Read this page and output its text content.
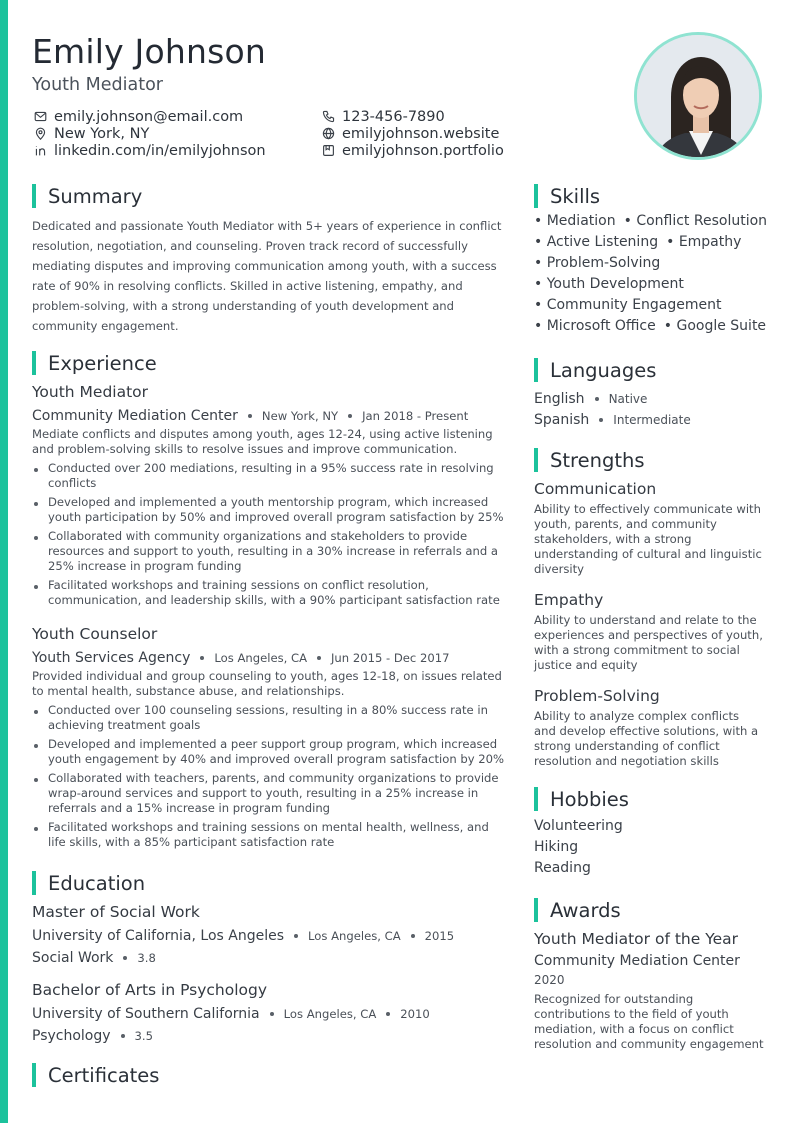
Emily Johnson
Youth Mediator
emily.johnson@email.com
New York, NY
linkedin.com/in/emilyjohnson
123-456-7890
emilyjohnson.website
emilyjohnson.portfolio
Summary

Dedicated and passionate Youth Mediator with 5+ years of experience in conflict resolution, negotiation, and counseling. Proven track record of successfully mediating disputes and improving communication among youth, with a success rate of 90% in resolving conflicts. Skilled in active listening, empathy, and problem-solving, with a strong understanding of youth development and community engagement.

Experience
Youth Mediator
Community Mediation Center New York, NY Jan 2018 - Present

Mediate conflicts and disputes among youth, ages 12-24, using active listening and problem-solving skills to resolve issues and improve communication.

Conducted over 200 mediations, resulting in a 95% success rate in resolving conflicts
Developed and implemented a youth mentorship program, which increased youth participation by 50% and improved overall program satisfaction by 25%
Collaborated with community organizations and stakeholders to provide resources and support to youth, resulting in a 30% increase in referrals and a 25% increase in program funding
Facilitated workshops and training sessions on conflict resolution, communication, and leadership skills, with a 90% participant satisfaction rate
Youth Counselor
Youth Services Agency Los Angeles, CA Jun 2015 - Dec 2017

Provided individual and group counseling to youth, ages 12-18, on issues related to mental health, substance abuse, and relationships.

Conducted over 100 counseling sessions, resulting in a 80% success rate in achieving treatment goals
Developed and implemented a peer support group program, which increased youth engagement by 40% and improved overall program satisfaction by 20%
Collaborated with teachers, parents, and community organizations to provide wrap-around services and support to youth, resulting in a 25% increase in referrals and a 15% increase in program funding
Facilitated workshops and training sessions on mental health, wellness, and life skills, with a 85% participant satisfaction rate
Education
Master of Social Work
University of California, Los Angeles Los Angeles, CA 2015
Social Work 3.8
Bachelor of Arts in Psychology
University of Southern California Los Angeles, CA 2010
Psychology 3.5
Certificates
Skills
• Mediation • Conflict Resolution
• Active Listening • Empathy
• Problem-Solving
• Youth Development
• Community Engagement
• Microsoft Office • Google Suite
Languages
English Native
Spanish Intermediate
Strengths
Communication

Ability to effectively communicate with youth, parents, and community stakeholders, with a strong understanding of cultural and linguistic diversity

Empathy

Ability to understand and relate to the experiences and perspectives of youth, with a strong commitment to social justice and equity

Problem-Solving

Ability to analyze complex conflicts and develop effective solutions, with a strong understanding of conflict resolution and negotiation skills

Hobbies
Volunteering
Hiking
Reading
Awards
Youth Mediator of the Year
Community Mediation Center
2020

Recognized for outstanding contributions to the field of youth mediation, with a focus on conflict resolution and community engagement
